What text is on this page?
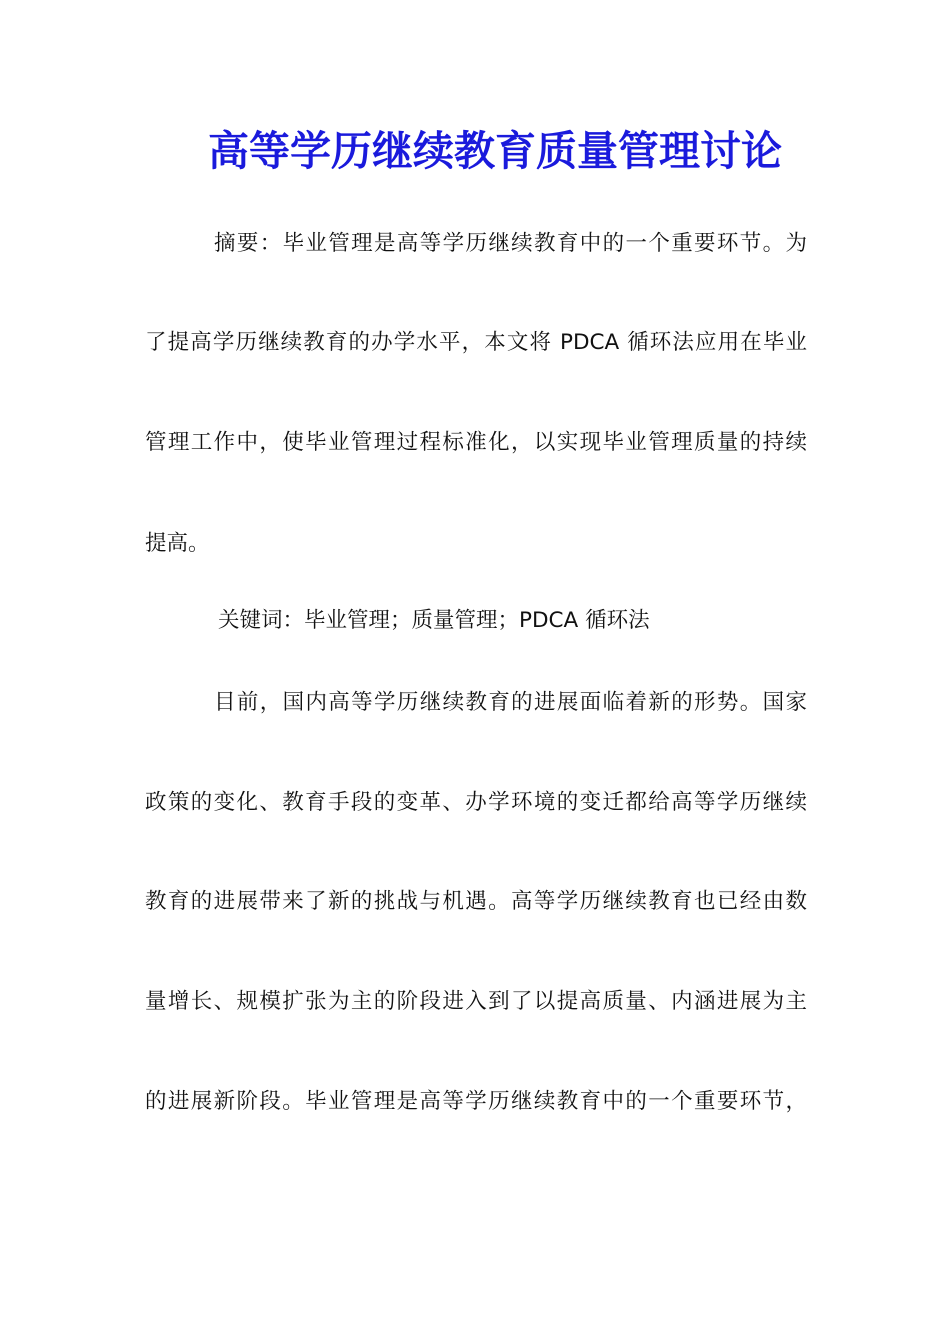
高等学历继续教育质量管理讨论

摘要：毕业管理是高等学历继续教育中的一个重要环节。为

了提高学历继续教育的办学水平，本文将 PDCA 循环法应用在毕业

管理工作中，使毕业管理过程标准化，以实现毕业管理质量的持续

提高。

关键词：毕业管理；质量管理；PDCA 循环法

目前，国内高等学历继续教育的进展面临着新的形势。国家

政策的变化、教育手段的变革、办学环境的变迁都给高等学历继续

教育的进展带来了新的挑战与机遇。高等学历继续教育也已经由数

量增长、规模扩张为主的阶段进入到了以提高质量、内涵进展为主

的进展新阶段。毕业管理是高等学历继续教育中的一个重要环节，
